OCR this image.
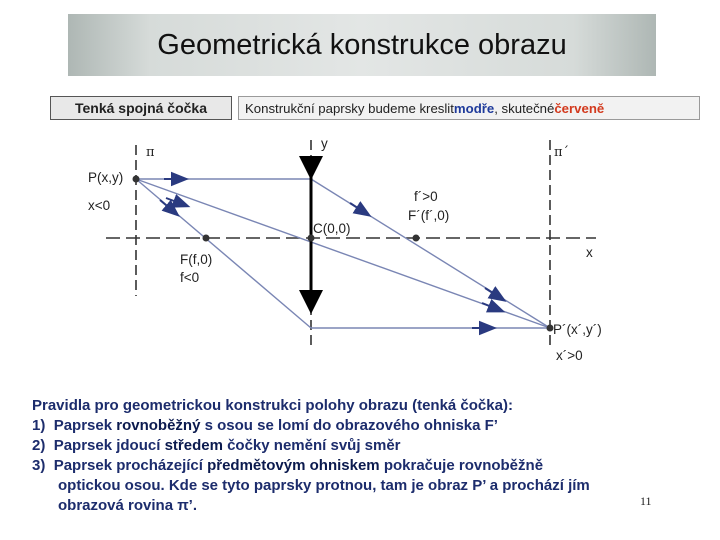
Geometrická konstrukce obrazu
Tenká spojná čočka	Konstrukční paprsky budeme kreslit modře , skutečné červeně
π	π´
y
x
P(x,y)
x<0
C(0,0)
F(f,0)
f<0
f´>0
F´(f´,0)
P´(x´,y´)
x´>0
Pravidla pro geometrickou konstrukci polohy obrazu (tenká čočka):
1) Paprsek rovnoběžný s osou se lomí do obrazového ohniska F’
2) Paprsek jdoucí středem čočky nemění svůj směr
3) Paprsek procházející předmětovým ohniskem pokračuje rovnoběžně
optickou osou. Kde se tyto paprsky protnou, tam je obraz P’ a prochází jím
obrazová rovina π’.	11
